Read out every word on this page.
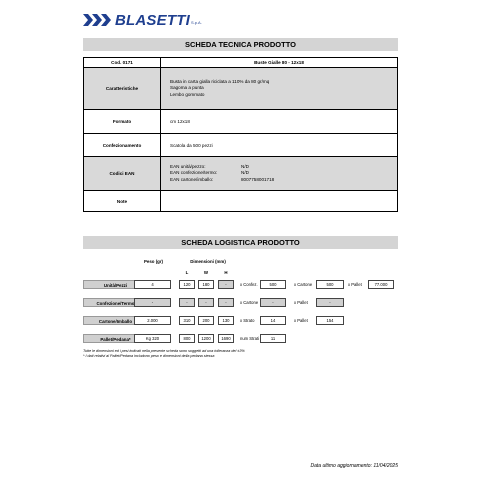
BLASETTI S.p.A.
SCHEDA TECNICA PRODOTTO
Cod. 0171	Buste Gialle 80 - 12x18
Caratteristiche
Busta in carta gialla riciclata a 110% da 80 gr/mq
Sagoma a punta
Lembo gommato
Formato	cm 12x18
Confezionamento	Scatola da 500 pezzi
Codici EAN
EAN unità/pezzo:	N/D
EAN confezione/termo:	N/D
EAN cartone/imballo:	8007758001718
Note
SCHEDA LOGISTICA PRODOTTO
Peso (gr)	Dimensioni (mm)
L	W	H
Unità/Pezzi	4	120	180	-	x Confez.	500	x Cartone	500	x Pallet	77.000
Confezione/Termo	-	-	-	-	x Cartone	-	x Pallet	-
Cartone/Imballo	2.000	310	200	130	x Strato	14	x Pallet	154
Pallet/Pedana*	Kg 320	800	1200	1690	num Strati	11
Tutte le dimensioni ed i pesi indicati nella presente scheda sono soggetti ad una tolleranza del ±3%
* I dati relativi al Pallet/Pedana includono peso e dimensioni della pedana stessa
Data ultimo aggiornamento: 11/04/2025
